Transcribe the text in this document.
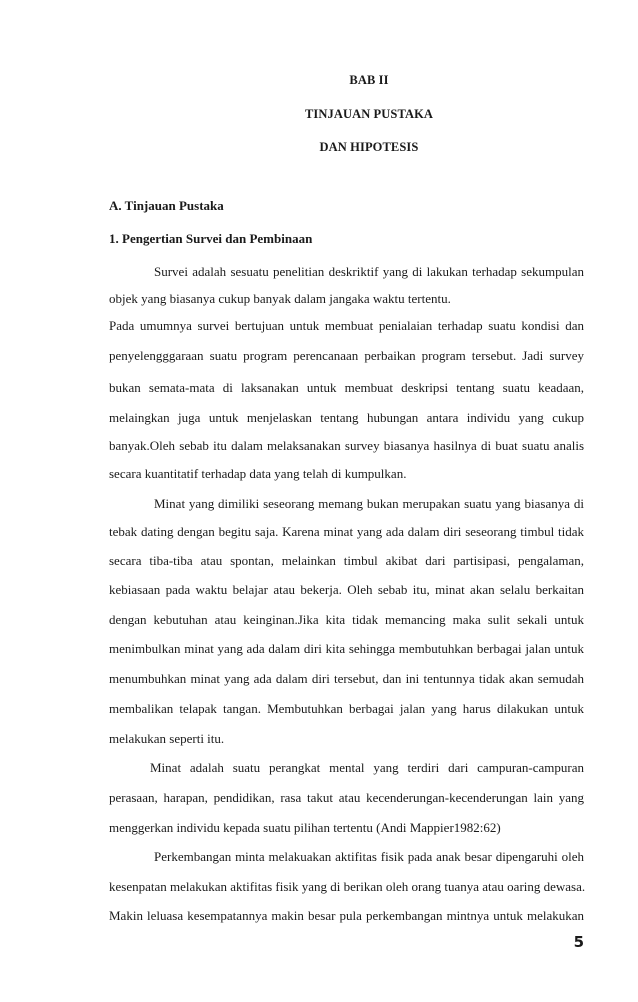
BAB II
TINJAUAN PUSTAKA
DAN HIPOTESIS
A. Tinjauan Pustaka
1. Pengertian Survei dan Pembinaan
Survei adalah sesuatu penelitian deskriktif yang di lakukan terhadap sekumpulan
objek yang biasanya cukup banyak dalam jangaka waktu tertentu.
Pada umumnya survei bertujuan untuk membuat penialaian terhadap suatu kondisi dan
penyelengggaraan suatu program perencanaan perbaikan program tersebut. Jadi survey
bukan semata-mata di laksanakan untuk membuat deskripsi tentang suatu keadaan,
melaingkan juga untuk menjelaskan tentang hubungan antara individu yang cukup
banyak.Oleh sebab itu dalam melaksanakan survey biasanya hasilnya di buat suatu analis
secara kuantitatif terhadap data yang telah di kumpulkan.
Minat yang dimiliki seseorang memang bukan merupakan suatu yang biasanya di
tebak dating dengan begitu saja. Karena minat yang ada dalam diri seseorang timbul tidak
secara tiba-tiba atau spontan, melainkan timbul akibat dari partisipasi, pengalaman,
kebiasaan pada waktu belajar atau bekerja. Oleh sebab itu, minat akan selalu berkaitan
dengan kebutuhan atau keinginan.Jika kita tidak memancing maka sulit sekali untuk
menimbulkan minat yang ada dalam diri kita sehingga membutuhkan berbagai jalan untuk
menumbuhkan minat yang ada dalam diri tersebut, dan ini tentunnya tidak akan semudah
membalikan telapak tangan. Membutuhkan berbagai jalan yang harus dilakukan untuk
melakukan seperti itu.
Minat adalah suatu perangkat mental yang terdiri dari campuran-campuran
perasaan, harapan, pendidikan, rasa takut atau kecenderungan-kecenderungan lain yang
menggerkan individu kepada suatu pilihan tertentu (Andi Mappier1982:62)
Perkembangan minta melakuakan aktifitas fisik pada anak besar dipengaruhi oleh
kesenpatan melakukan aktifitas fisik yang di berikan oleh orang tuanya atau oaring dewasa.
Makin leluasa kesempatannya makin besar pula perkembangan mintnya untuk melakukan
5
